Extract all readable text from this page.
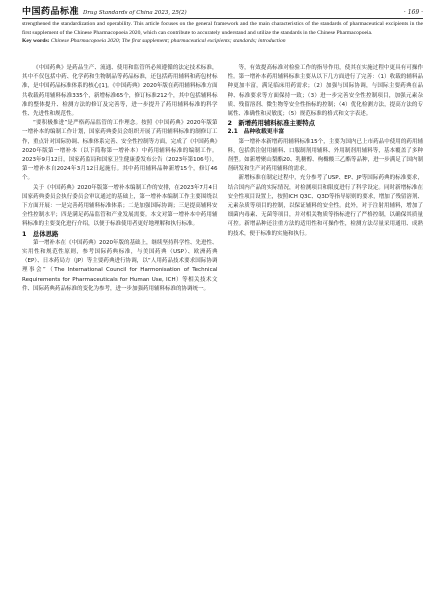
中国药品标准 Drug Standards of China 2023, 25(2)	· 169 ·

strengthened the standardization and operability. This article focuses on the general framework and the main characteristics of the standards of pharmaceutical excipients in the first supplement of the Chinese Pharmacopoeia 2020, which can contribute to accurately understand and utilize the standards in the Chinese Pharmacopoeia.

Key words: Chinese Pharmacopoeia 2020; The first supplement; pharmaceutical excipients; standards; introduction

《中国药典》是药品生产、流通、使用和监管所必须遵循的法定技术标准，其中不仅包括中药、化学药和生物制品等药品标准，还包括药用辅料和药包材标准，是中国药品标准体系的核心[1]。《中国药典》2020年版在药用辅料标准方面共收载药用辅料标准335个，新增标准65个，修订标准212个，其中包括辅料标准的整体提升、检测方法的修订及完善等，进一步提升了药用辅料标准的科学性、先进性和规范性。

“要积极推进”是严格药品监管的工作理念。按照《中国药典》2020年版第一增补本的编制工作计划，国家药典委员会组织开展了药用辅料标准的制修订工作，重点针对国际协调、标准体系完善、安全性控制等方面，完成了《中国药典》2020年版第一增补本（以下简称第一增补本）中药用辅料标准的编制工作。2023年9月12日，国家药监局和国家卫生健康委发布公告（2023年第106号），第一增补本自2024年3月12日起施行。其中药用辅料品种新增15个，修订46个。

关于《中国药典》2020年版第一增补本编制工作的安排，在2023年7月4日国家药典委员会执行委员会审议通过的基础上，第一增补本编制工作主要围绕以下方面开展：一是完善药用辅料标准体系；二是加强国际协调；三是提高辅料安全性控制水平；四是满足药品监管和产业发展需要。本文对第一增补本中药用辅料标准的主要变化进行介绍，以便于标准使用者更好地理解和执行标准。

1　总体思路

第一增补本在《中国药典》2020年版的基础上，继续坚持科学性、先进性、实用性和规范性原则，参考国际药典标准，与美国药典（USP）、欧洲药典（EP）、日本药局方（JP）等主要药典进行协调，以“人用药品技术要求国际协调理事会”（The International Council for Harmonisation of Technical Requirements for Pharmaceuticals for Human Use, ICH）等相关技术文件、国际药典药品标准的变化为参考，进一步加强药用辅料标准的协调统一。

等，有效提高标准对检验工作的指导作用，使其在实施过程中更具有可操作性。第一增补本药用辅料标准主要从以下几方面进行了完善：（1）收载的辅料品种更加丰富，满足临床用药需求；（2）加强与国际协调，与国际主要药典在品种、标准要求等方面保持一致；（3）进一步完善安全性控制项目，加强元素杂质、残留溶剂、微生物等安全性指标的控制；（4）优化检测方法，提高方法的专属性、准确性和灵敏度；（5）规范标准的格式和文字表述。

2　新增药用辅料标准主要特点

2.1　品种收载更丰富

第一增补本新增药用辅料标准15个，主要为国内已上市药品中使用的药用辅料，包括供注射用辅料、口服制剂用辅料、外用制剂用辅料等，基本覆盖了多种剂型。如新增聚山梨酯20、乳糖醇、枸橼酸三乙酯等品种，进一步满足了国内制剂研发和生产对药用辅料的需求。

新增标准在制定过程中，充分参考了USP、EP、JP等国际药典的标准要求，结合国内产品的实际情况，对检测项目和限度进行了科学设定。同时新增标准在安全性项目设置上，按照ICH Q3C、Q3D等指导原则的要求，增加了残留溶剂、元素杂质等项目的控制，以保证辅料的安全性。此外，对于注射用辅料，增加了细菌内毒素、无菌等项目，并对相关物质等指标进行了严格控制，以确保其质量可控。新增品种还注重方法的适用性和可操作性，检测方法尽量采用通用、成熟的技术，便于标准的实施和执行。
